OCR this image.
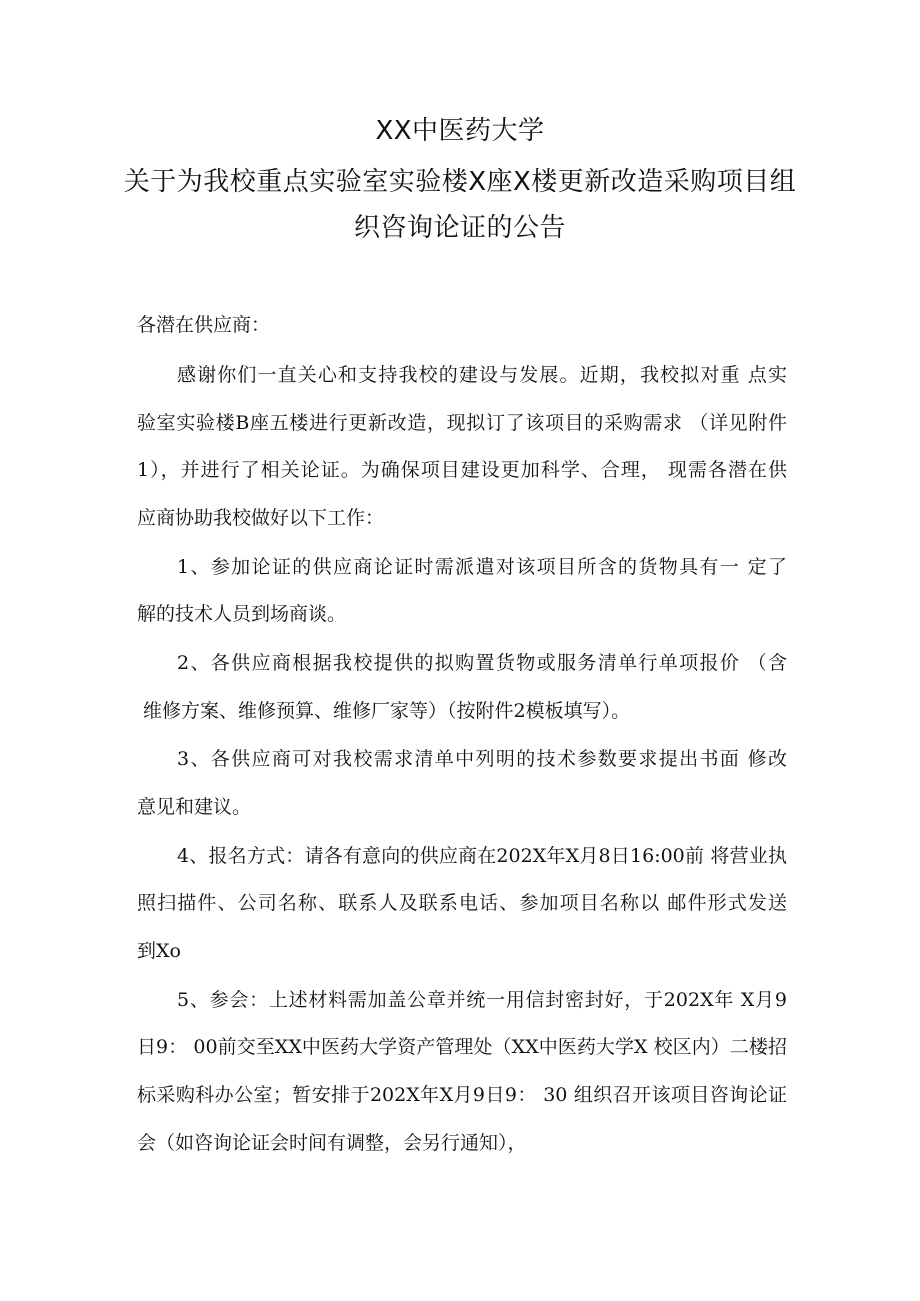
XX中医药大学
关于为我校重点实验室实验楼X座X楼更新改造采购项目组
织咨询论证的公告
各潜在供应商：
感谢你们一直关心和支持我校的建设与发展。近期，我校拟对重 点实
验室实验楼B座五楼进行更新改造，现拟订了该项目的采购需求 （详见附件
1），并进行了相关论证。为确保项目建设更加科学、合理， 现需各潜在供
应商协助我校做好以下工作：
1、参加论证的供应商论证时需派遣对该项目所含的货物具有一 定了
解的技术人员到场商谈。
2、各供应商根据我校提供的拟购置货物或服务清单行单项报价 （含
维修方案、维修预算、维修厂家等）（按附件2模板填写）。
3、各供应商可对我校需求清单中列明的技术参数要求提出书面 修改
意见和建议。
4、报名方式：请各有意向的供应商在202X年X月8日16:00前 将营业执
照扫描件、公司名称、联系人及联系电话、参加项目名称以 邮件形式发送
到Xo
5、参会：上述材料需加盖公章并统一用信封密封好，于202X年 X月9
日9： 00前交至XX中医药大学资产管理处（XX中医药大学X 校区内）二楼招
标采购科办公室；暂安排于202X年X月9日9： 30 组织召开该项目咨询论证
会（如咨询论证会时间有调整，会另行通知），
